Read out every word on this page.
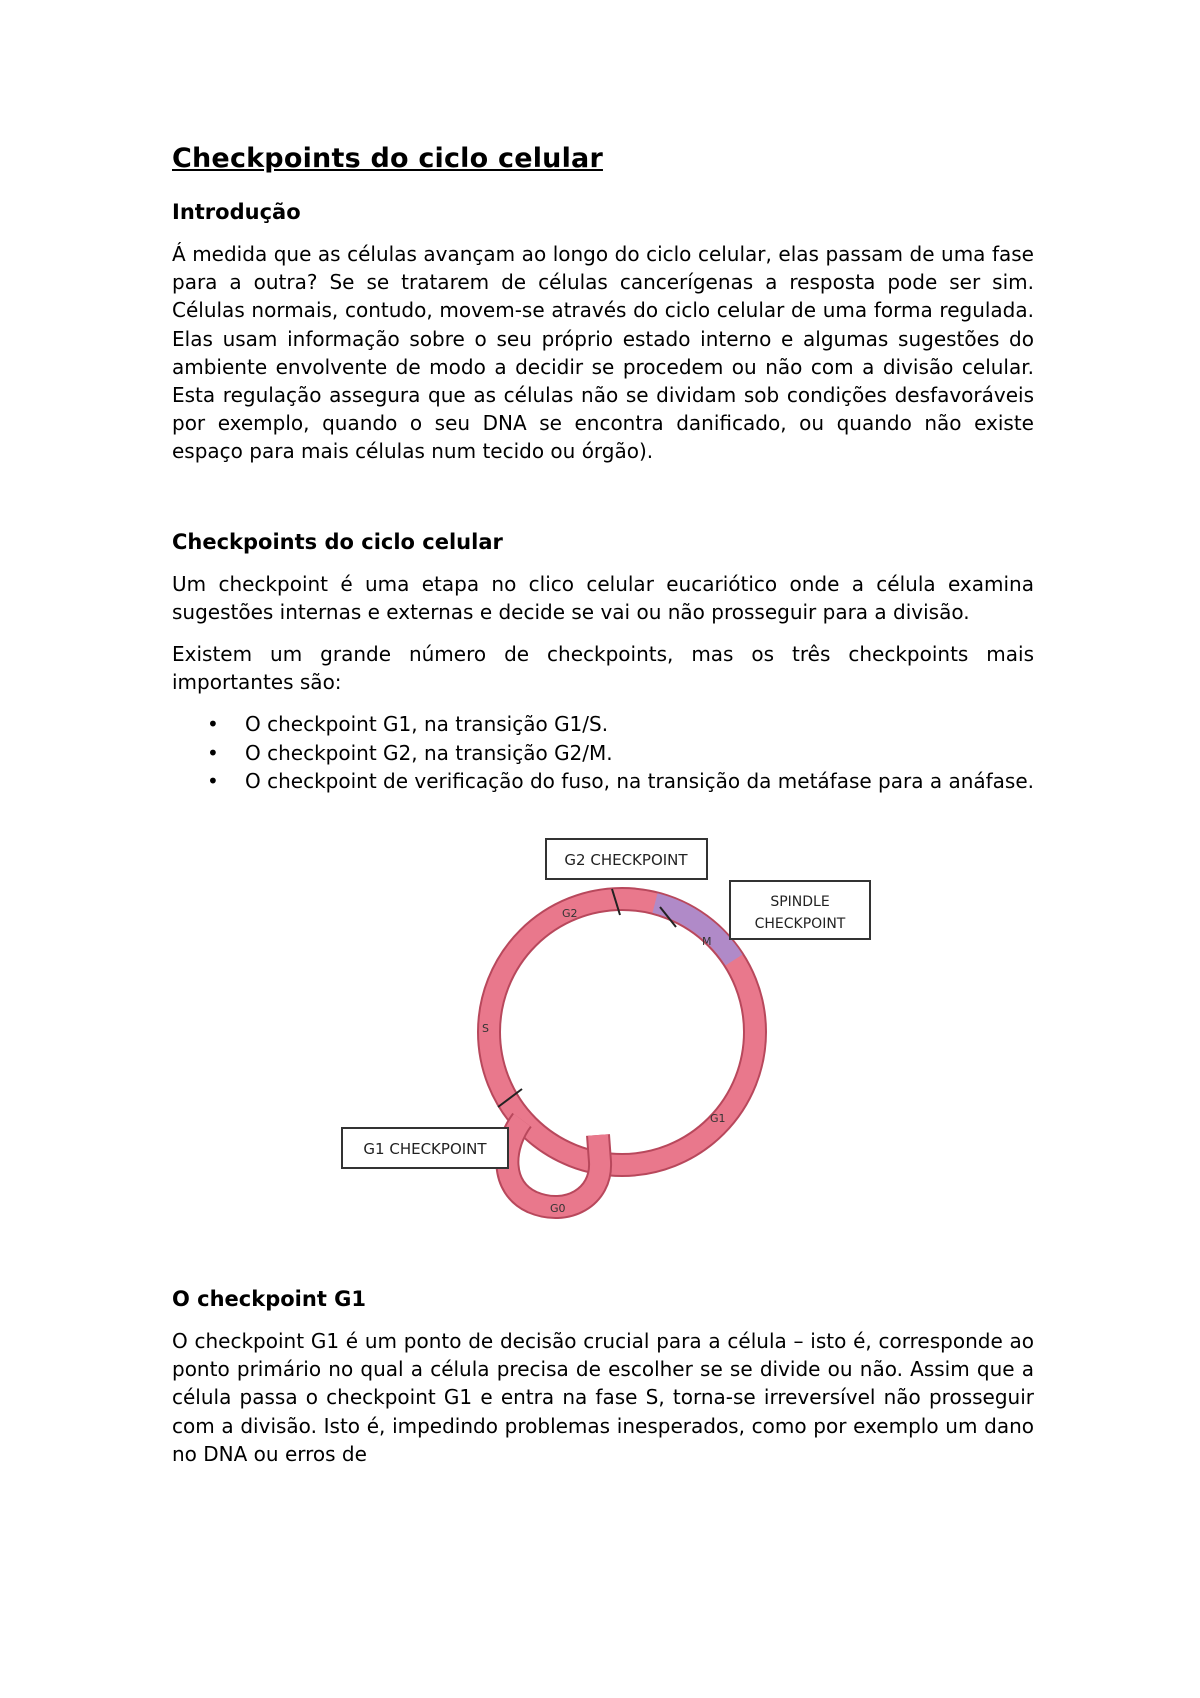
Checkpoints do ciclo celular
Introdução

Á medida que as células avançam ao longo do ciclo celular, elas passam de uma fase para a outra? Se se tratarem de células cancerígenas a resposta pode ser sim. Células normais, contudo, movem-se através do ciclo celular de uma forma regulada. Elas usam informação sobre o seu próprio estado interno e algumas sugestões do ambiente envolvente de modo a decidir se procedem ou não com a divisão celular. Esta regulação assegura que as células não se dividam sob condições desfavoráveis por exemplo, quando o seu DNA se encontra danificado, ou quando não existe espaço para mais células num tecido ou órgão).

Checkpoints do ciclo celular

Um checkpoint é uma etapa no clico celular eucariótico onde a célula examina sugestões internas e externas e decide se vai ou não prosseguir para a divisão.

Existem um grande número de checkpoints, mas os três checkpoints mais importantes são:

• O checkpoint G1, na transição G1/S.
• O checkpoint G2, na transição G2/M.
• O checkpoint de verificação do fuso, na transição da metáfase para a anáfase.
G2
M
S
G1
G0
G2 CHECKPOINT
SPINDLE
CHECKPOINT
G1 CHECKPOINT
O checkpoint G1

O checkpoint G1 é um ponto de decisão crucial para a célula – isto é, corresponde ao ponto primário no qual a célula precisa de escolher se se divide ou não. Assim que a célula passa o checkpoint G1 e entra na fase S, torna-se irreversível não prosseguir com a divisão. Isto é, impedindo problemas inesperados, como por exemplo um dano no DNA ou erros de
